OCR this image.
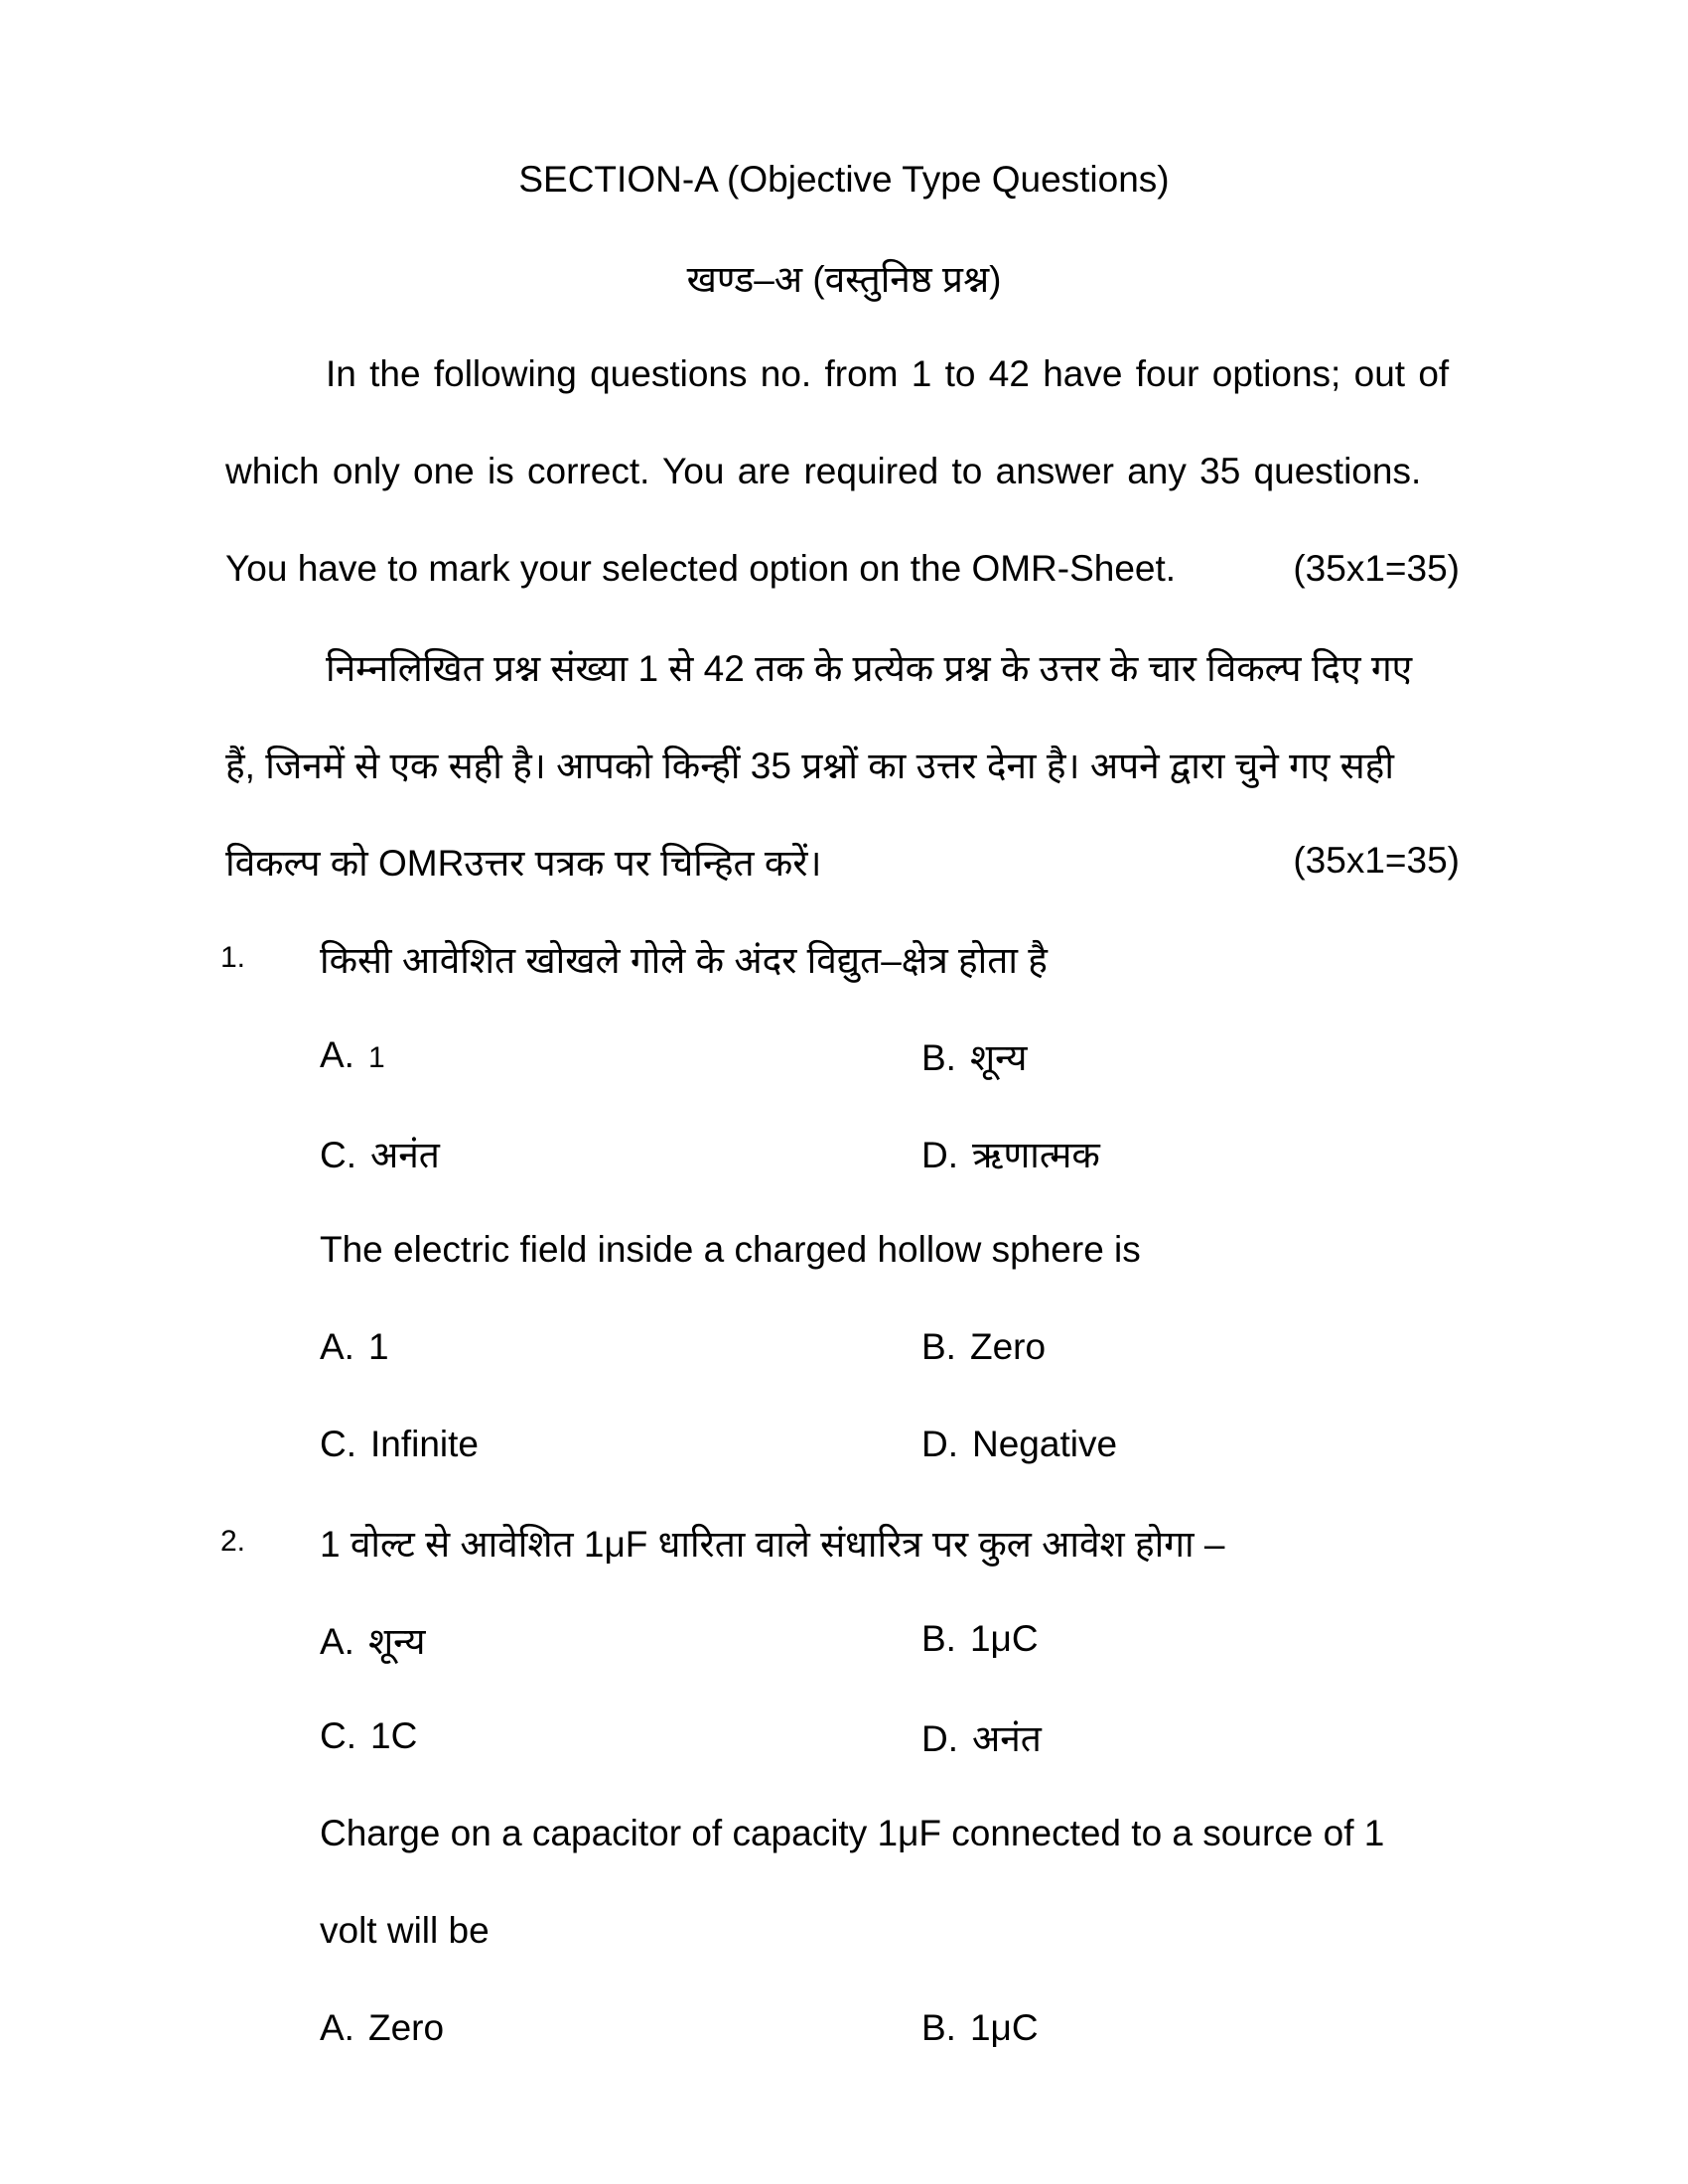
SECTION-A (Objective Type Questions)
खण्ड–अ (वस्तुनिष्ठ प्रश्न)
In the following questions no. from 1 to 42 have four options; out of
which only one is correct. You are required to answer any 35 questions.
You have to mark your selected option on the OMR-Sheet.	(35x1=35)
निम्नलिखित प्रश्न संख्या 1 से 42 तक के प्रत्येक प्रश्न के उत्तर के चार विकल्प दिए गए
हैं, जिनमें से एक सही है। आपको किन्हीं 35 प्रश्नों का उत्तर देना है। अपने द्वारा चुने गए सही
विकल्प को OMRउत्तर पत्रक पर चिन्हित करें।	(35x1=35)
1.	किसी आवेशित खोखले गोले के अंदर विद्युत–क्षेत्र होता है
A. 1	B. शून्य
C. अनंत	D. ऋणात्मक
The electric field inside a charged hollow sphere is
A. 1	B. Zero
C. Infinite	D. Negative
2.	1 वोल्ट से आवेशित 1μF धारिता वाले संधारित्र पर कुल आवेश होगा –
A. शून्य	B. 1μC
C. 1C	D. अनंत
Charge on a capacitor of capacity 1μF connected to a source of 1
volt will be
A. Zero	B. 1μC
